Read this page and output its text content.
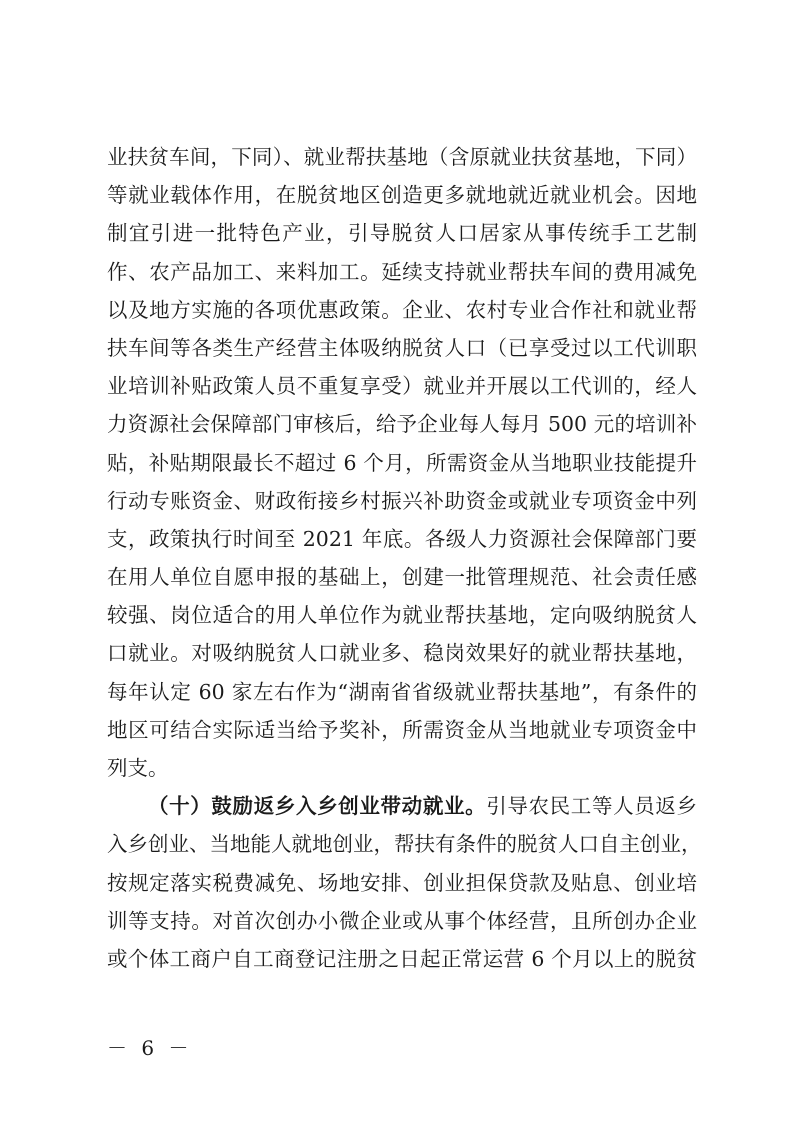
业扶贫车间，下同）、就业帮扶基地（含原就业扶贫基地，下同）
等就业载体作用，在脱贫地区创造更多就地就近就业机会。因地
制宜引进一批特色产业，引导脱贫人口居家从事传统手工艺制
作、农产品加工、来料加工。延续支持就业帮扶车间的费用减免
以及地方实施的各项优惠政策。企业、农村专业合作社和就业帮
扶车间等各类生产经营主体吸纳脱贫人口（已享受过以工代训职
业培训补贴政策人员不重复享受）就业并开展以工代训的，经人
力资源社会保障部门审核后，给予企业每人每月 500 元的培训补
贴，补贴期限最长不超过 6 个月，所需资金从当地职业技能提升
行动专账资金、财政衔接乡村振兴补助资金或就业专项资金中列
支，政策执行时间至 2021 年底。各级人力资源社会保障部门要
在用人单位自愿申报的基础上，创建一批管理规范、社会责任感
较强、岗位适合的用人单位作为就业帮扶基地，定向吸纳脱贫人
口就业。对吸纳脱贫人口就业多、稳岗效果好的就业帮扶基地，
每年认定 60 家左右作为“湖南省省级就业帮扶基地”，有条件的
地区可结合实际适当给予奖补，所需资金从当地就业专项资金中
列支。
（十）鼓励返乡入乡创业带动就业。引导农民工等人员返乡
入乡创业、当地能人就地创业，帮扶有条件的脱贫人口自主创业，
按规定落实税费减免、场地安排、创业担保贷款及贴息、创业培
训等支持。对首次创办小微企业或从事个体经营，且所创办企业
或个体工商户自工商登记注册之日起正常运营 6 个月以上的脱贫
－ 6 －
